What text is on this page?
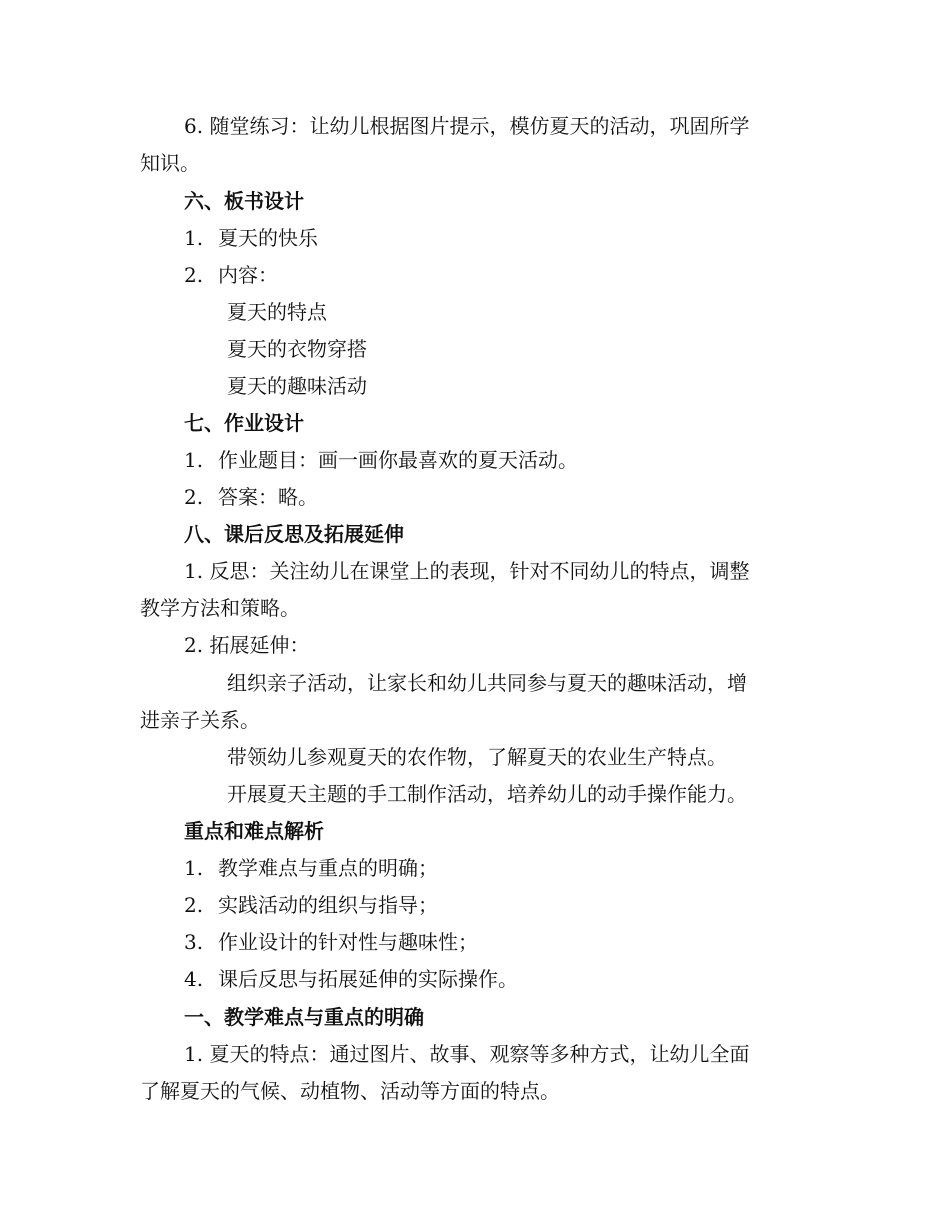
6. 随堂练习：让幼儿根据图片提示，模仿夏天的活动，巩固所学
知识。
六、板书设计
1. 夏天的快乐
2. 内容：
夏天的特点
夏天的衣物穿搭
夏天的趣味活动
七、作业设计
1. 作业题目：画一画你最喜欢的夏天活动。
2. 答案：略。
八、课后反思及拓展延伸
1. 反思：关注幼儿在课堂上的表现，针对不同幼儿的特点，调整
教学方法和策略。
2. 拓展延伸：
组织亲子活动，让家长和幼儿共同参与夏天的趣味活动，增
进亲子关系。
带领幼儿参观夏天的农作物，了解夏天的农业生产特点。
开展夏天主题的手工制作活动，培养幼儿的动手操作能力。
重点和难点解析
1. 教学难点与重点的明确；
2. 实践活动的组织与指导；
3. 作业设计的针对性与趣味性；
4. 课后反思与拓展延伸的实际操作。
一、教学难点与重点的明确
1. 夏天的特点：通过图片、故事、观察等多种方式，让幼儿全面
了解夏天的气候、动植物、活动等方面的特点。
